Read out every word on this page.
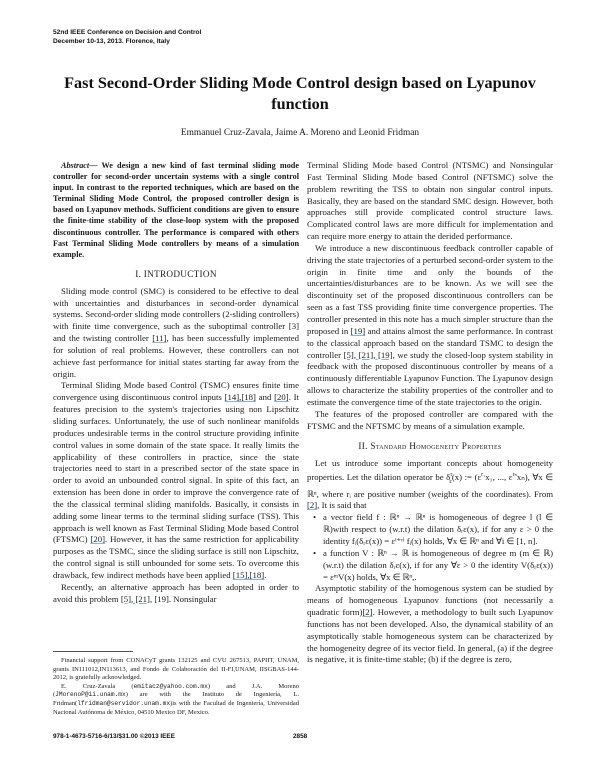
52nd IEEE Conference on Decision and Control
December 10-13, 2013. Florence, Italy
Fast Second-Order Sliding Mode Control design based on Lyapunov function
Emmanuel Cruz-Zavala, Jaime A. Moreno and Leonid Fridman

Abstract— We design a new kind of fast terminal sliding mode controller for second-order uncertain systems with a single control input. In contrast to the reported techniques, which are based on the Terminal Sliding Mode Control, the proposed controller design is based on Lyapunov methods. Sufficient conditions are given to ensure the finite-time stability of the close-loop system with the proposed discontinuous controller. The performance is compared with others Fast Terminal Sliding Mode controllers by means of a simulation example.

I. INTRODUCTION

Sliding mode control (SMC) is considered to be effective to deal with uncertainties and disturbances in second-order dynamical systems. Second-order sliding mode controllers (2-sliding controllers) with finite time convergence, such as the suboptimal controller [3] and the twisting controller [11], has been successfully implemented for solution of real problems. However, these controllers can not achieve fast performance for initial states starting far away from the origin.

Terminal Sliding Mode based Control (TSMC) ensures finite time convergence using discontinuous control inputs [14],[18] and [20]. It features precision to the system's trajectories using non Lipschitz sliding surfaces. Unfortunately, the use of such nonlinear manifolds produces undesirable terms in the control structure providing infinite control values in some domain of the state space. It really limits the applicability of these controllers in practice, since the state trajectories need to start in a prescribed sector of the state space in order to avoid an unbounded control signal. In spite of this fact, an extension has been done in order to improve the convergence rate of the the classical terminal sliding manifolds. Basically, it consists in adding some linear terms to the terminal sliding surface (TSS). This approach is well known as Fast Terminal Sliding Mode based Control (FTSMC) [20]. However, it has the same restriction for applicability purposes as the TSMC, since the sliding surface is still non Lipschitz, the control signal is still unbounded for some sets. To overcome this drawback, few indirect methods have been applied [15],[18].

Recently, an alternative approach has been adopted in order to avoid this problem [5], [21], [19]. Nonsingular

Financial support from CONACyT grants 132125 and CVU 267513, PAPIIT, UNAM, grants IN111012,IN113613, and Fondo de Colaboración del II-FI,UNAM, IISGBAS-144-2012, is gratefully acknowledged.

E. Cruz-Zavala (emitacz@yahoo.com.mx) and J.A. Moreno (JMorenoP@ii.unam.mx) are with the Instituto de Ingeniería, L. Fridman(lfridman@servidor.unam.mx)is with the Facultad de Ingeniería, Universidad Nacional Autónoma de México, 04510 Mexico DF, Mexico.

978-1-4673-5716-6/13/$31.00 ©2013 IEEE	2858

Terminal Sliding Mode based Control (NTSMC) and Nonsingular Fast Terminal Sliding Mode based Control (NFTSMC) solve the problem rewriting the TSS to obtain non singular control inputs. Basically, they are based on the standard SMC design. However, both approaches still provide complicated control structure laws. Complicated control laws are more difficult for implementation and can require more energy to attain the derided performance.

We introduce a new discontinuous feedback controller capable of driving the state trajectories of a perturbed second-order system to the origin in finite time and only the bounds of the uncertainties/disturbances are to be known. As we will see the discontinuity set of the proposed discontinuous controllers can be seen as a fast TSS providing finite time convergence properties. The controller presented in this note has a much simpler structure than the proposed in [19] and attains almost the same performance. In contrast to the classical approach based on the standard TSMC to design the controller [5], [21], [19], we study the closed-loop system stability in feedback with the proposed discontinuous controller by means of a continuously differentiable Lyapunov Function. The Lyapunov design allows to characterize the stability properties of the controller and to estimate the convergence time of the state trajectories to the origin.

The features of the proposed controller are compared with the FTSMC and the NFTSMC by means of a simulation example.

II. Standard Homogeneity Properties

Let us introduce some important concepts about homogeneity properties. Let the dilation operator be $\delta^r_\varepsilon(x)$ := ($\varepsilon^{r_1}x_1$, ..., $\varepsilon^{r_n}x_n$), ∀x ∈ ℝⁿ, where rᵢ are positive number (weights of the coordinates). From [2], It is said that

• a vector field f : ℝⁿ → ℝⁿ is homogeneous of degree l (l ∈ ℝ)with respect to (w.r.t) the dilation δᵣε(x), if for any ε > 0 the identity fᵢ(δᵣε(x)) = εˡ⁺ʳⁱ fᵢ(x) holds, ∀x ∈ ℝⁿ and ∀i ∈ [1, n].
• a function V : ℝⁿ → ℝ is homogeneous of degree m (m ∈ ℝ) (w.r.t) the dilation δᵣε(x), if for any ∀ε > 0 the identity V(δᵣε(x)) = εᵐV(x) holds, ∀x ∈ ℝⁿ,.

Asymptotic stability of the homogenous system can be studied by means of homogeneous Lyapunov functions (not necessarily a quadratic form)[2]. However, a methodology to built such Lyapunov functions has not been developed. Also, the dynamical stability of an asymptotically stable homogeneous system can be characterized by the homogeneity degree of its vector field. In general, (a) if the degree is negative, it is finite-time stable; (b) if the degree is zero,
